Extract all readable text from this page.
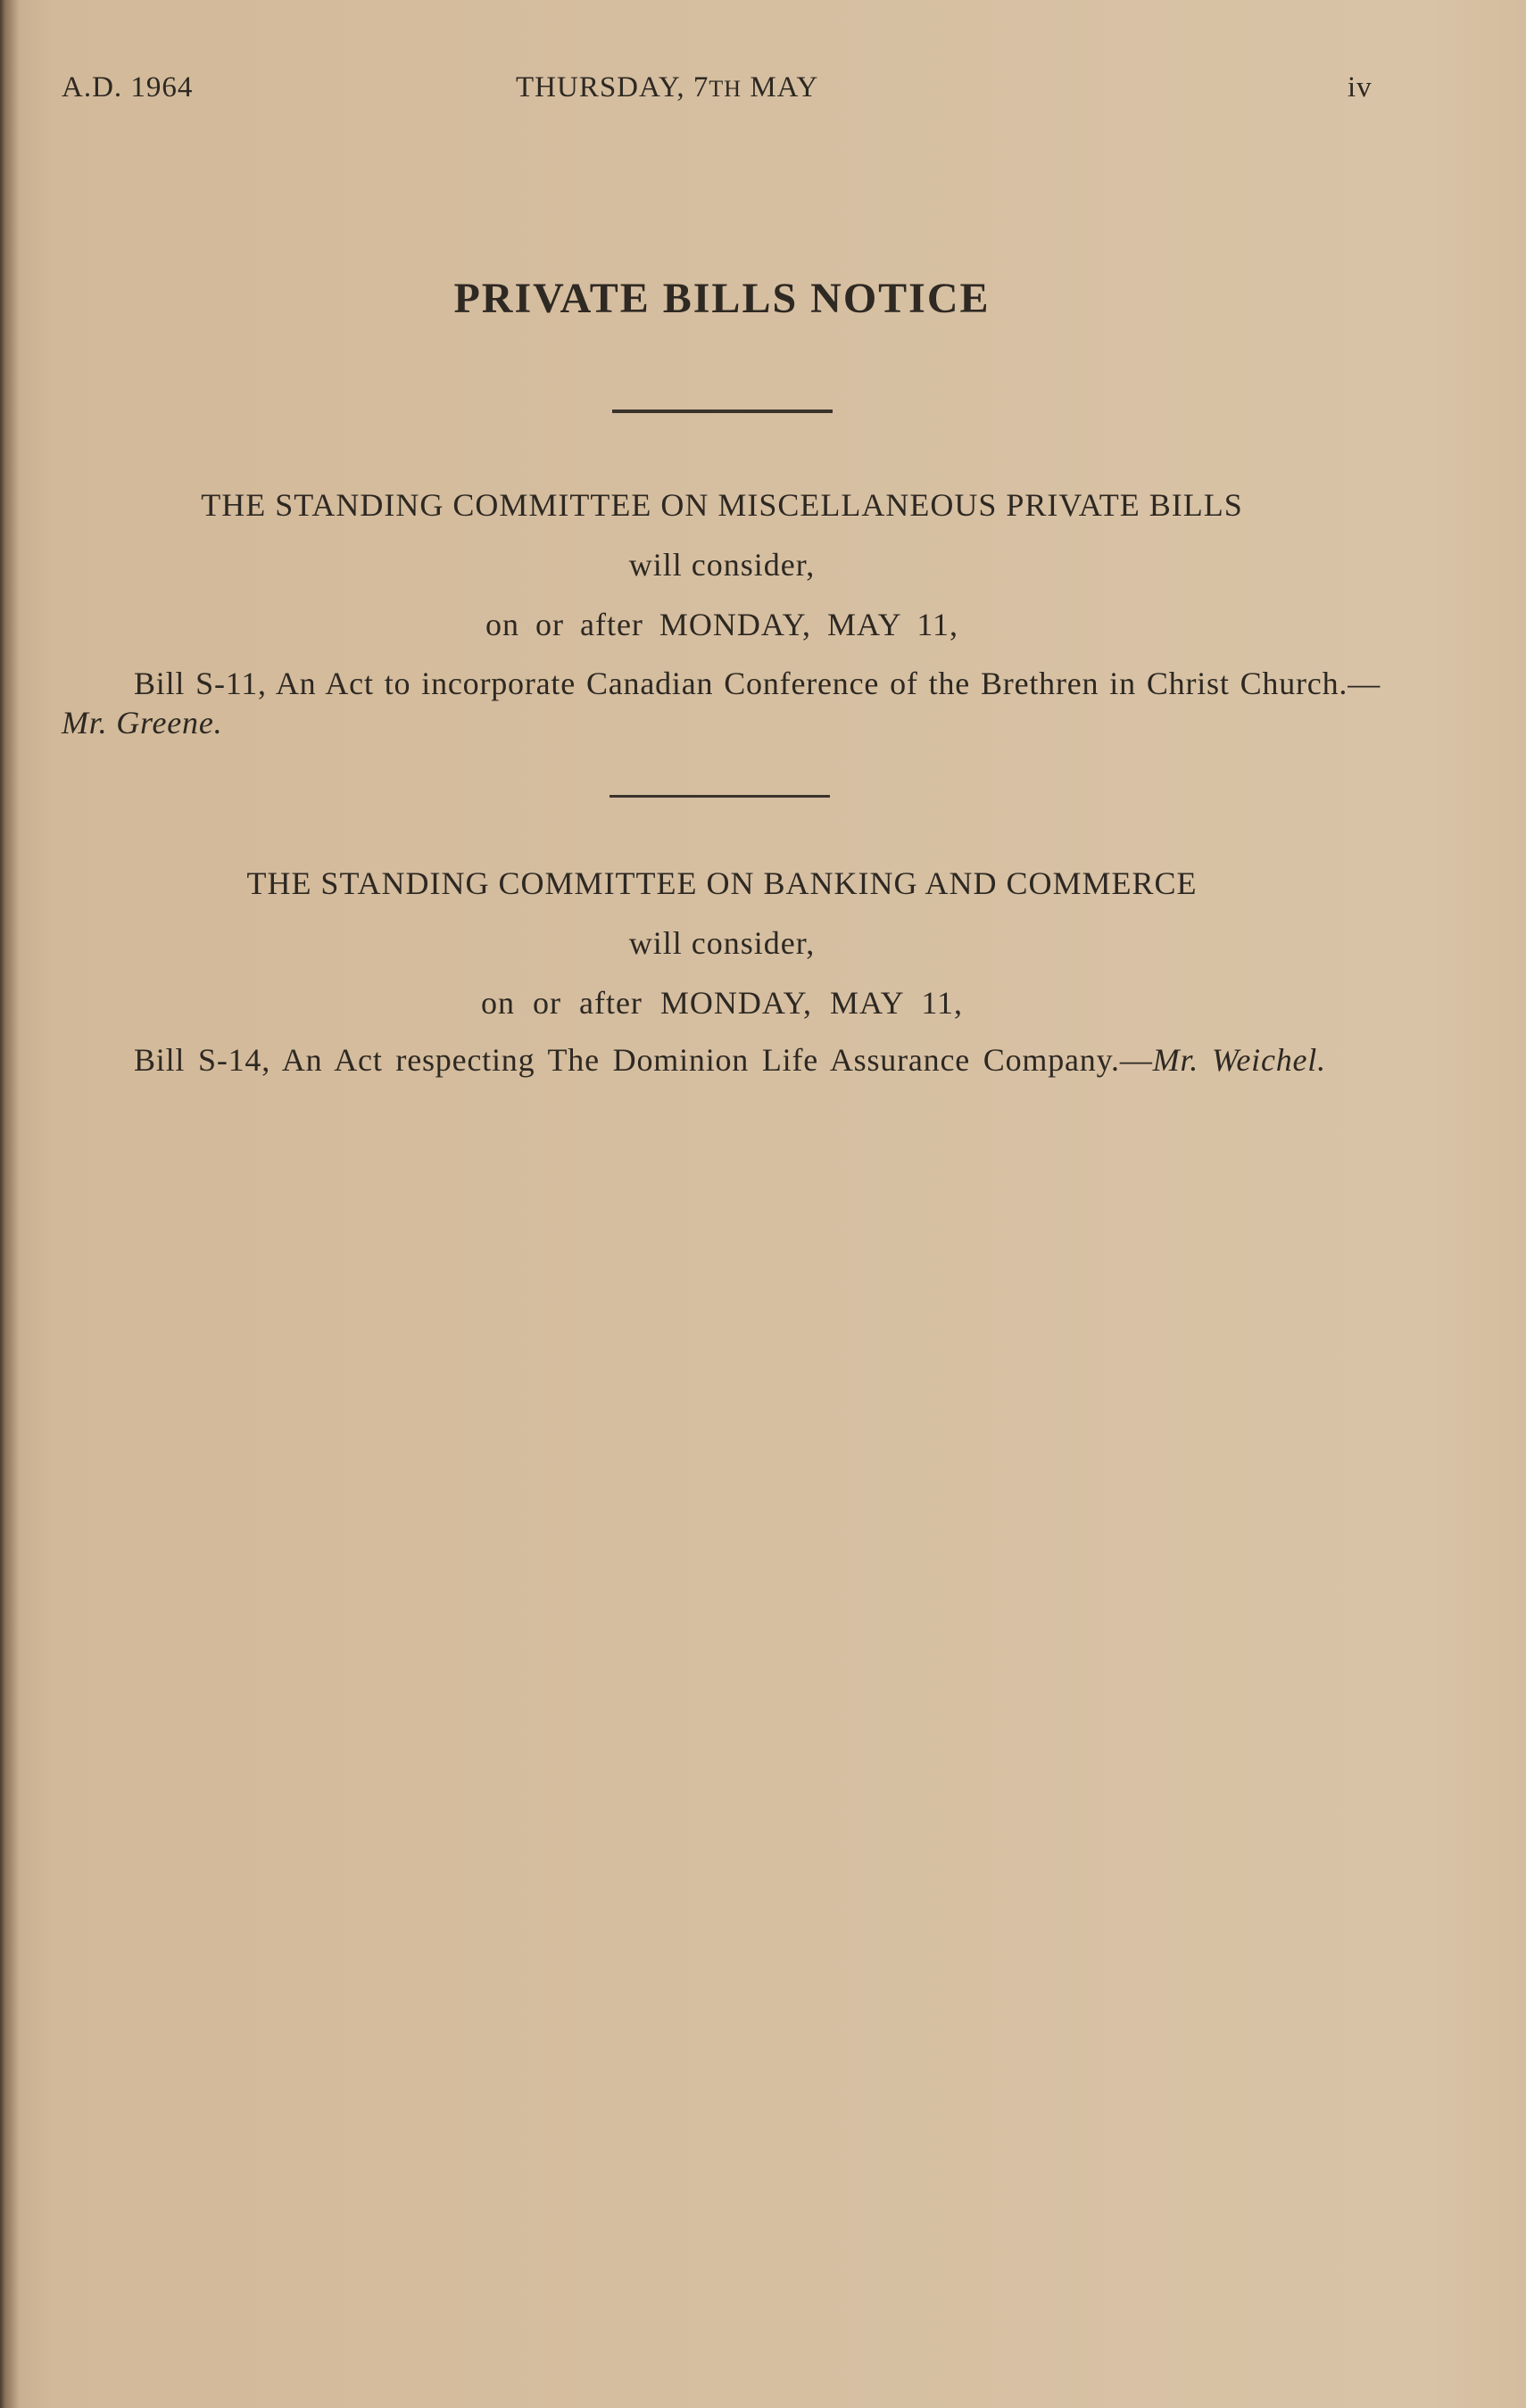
A.D. 1964	THURSDAY, 7TH MAY	iv
PRIVATE BILLS NOTICE
THE STANDING COMMITTEE ON MISCELLANEOUS PRIVATE BILLS
will consider,
on or after MONDAY, MAY 11,
Bill S-11, An Act to incorporate Canadian Conference of the Brethren in Christ Church.—Mr. Greene.
THE STANDING COMMITTEE ON BANKING AND COMMERCE
will consider,
on or after MONDAY, MAY 11,
Bill S-14, An Act respecting The Dominion Life Assurance Company.—Mr. Weichel.
